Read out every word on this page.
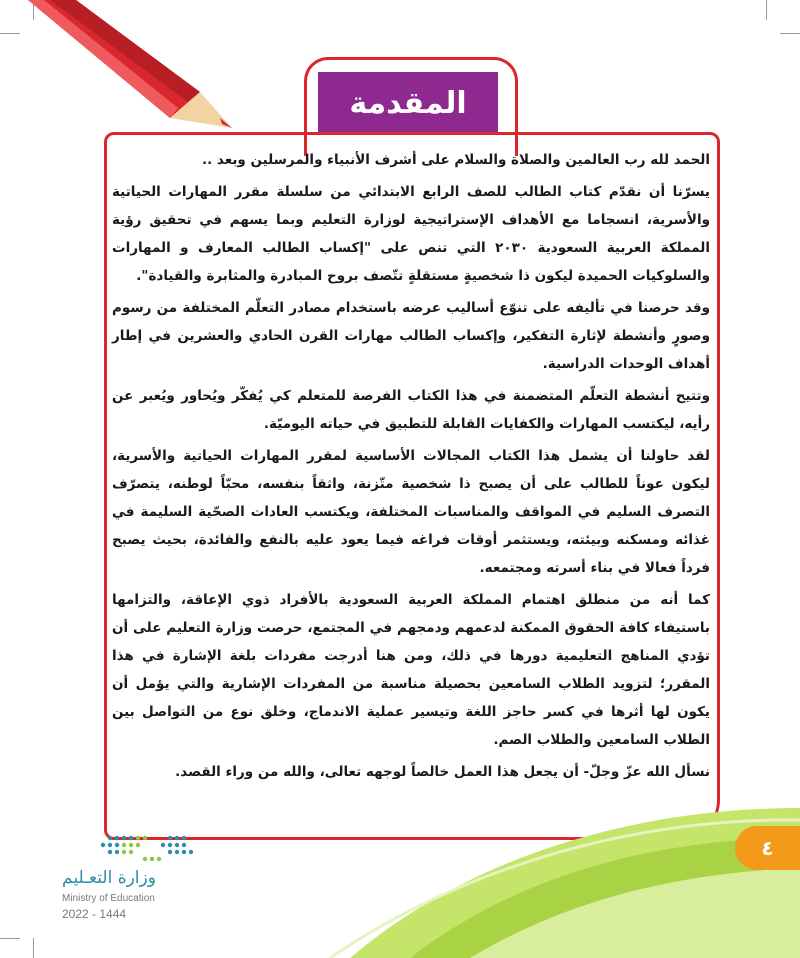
المقدمة

الحمد لله رب العالمين والصلاة والسلام على أشرف الأنبياء والمرسلين وبعد ..

يسرّنا أن نقدّم كتاب الطالب للصف الرابع الابتدائي من سلسلة مقرر المهارات الحياتية والأسرية، انسجاما مع الأهداف الإستراتيجية لوزارة التعليم وبما يسهم في تحقيق رؤية المملكة العربية السعودية ٢٠٣٠ التي تنص على "إكساب الطالب المعارف و المهارات والسلوكيات الحميدة ليكون ذا شخصيةٍ مستقلةٍ تتّصف بروح المبادرة والمثابرة والقيادة".

وقد حرصنا في تأليفه على تنوّع أساليب عرضه باستخدام مصادر التعلّم المختلفة من رسوم وصورٍ وأنشطة لإثارة التفكير، وإكساب الطالب مهارات القرن الحادي والعشرين في إطار أهداف الوحدات الدراسية.

وتتيح أنشطة التعلّم المتضمنة في هذا الكتاب الفرصة للمتعلم كي يُفكّر ويُحاور ويُعبر عن رأيه، ليكتسب المهارات والكفايات القابلة للتطبيق في حياته اليوميّة.

لقد حاولنا أن يشمل هذا الكتاب المجالات الأساسية لمقرر المهارات الحياتية والأسرية، ليكون عوناً للطالب على أن يصبح ذا شخصية متّزنة، واثقاً بنفسه، محبّاً لوطنه، يتصرّف التصرف السليم في المواقف والمناسبات المختلفة، ويكتسب العادات الصحّية السليمة في غذائه ومسكنه وبيئته، ويستثمر أوقات فراغه فيما يعود عليه بالنفع والفائدة، بحيث يصبح فرداً فعالا في بناء أسرته ومجتمعه.

كما أنه من منطلق اهتمام المملكة العربية السعودية بالأفراد ذوي الإعاقة، والتزامها باستيفاء كافة الحقوق الممكنة لدعمهم ودمجهم في المجتمع، حرصت وزارة التعليم على أن تؤدي المناهج التعليمية دورها في ذلك، ومن هنا أدرجت مفردات بلغة الإشارة في هذا المقرر؛ لتزويد الطلاب السامعين بحصيلة مناسبة من المفردات الإشارية والتي يؤمل أن يكون لها أثرها في كسر حاجز اللغة وتيسير عملية الاندماج، وخلق نوع من التواصل بين الطلاب السامعين والطلاب الصم.

نسأل الله عزّ وجلّ- أن يجعل هذا العمل خالصاً لوجهه تعالى، والله من وراء القصد.

٤
وزارة التعـليم
Ministry of Education
2022 - 1444
